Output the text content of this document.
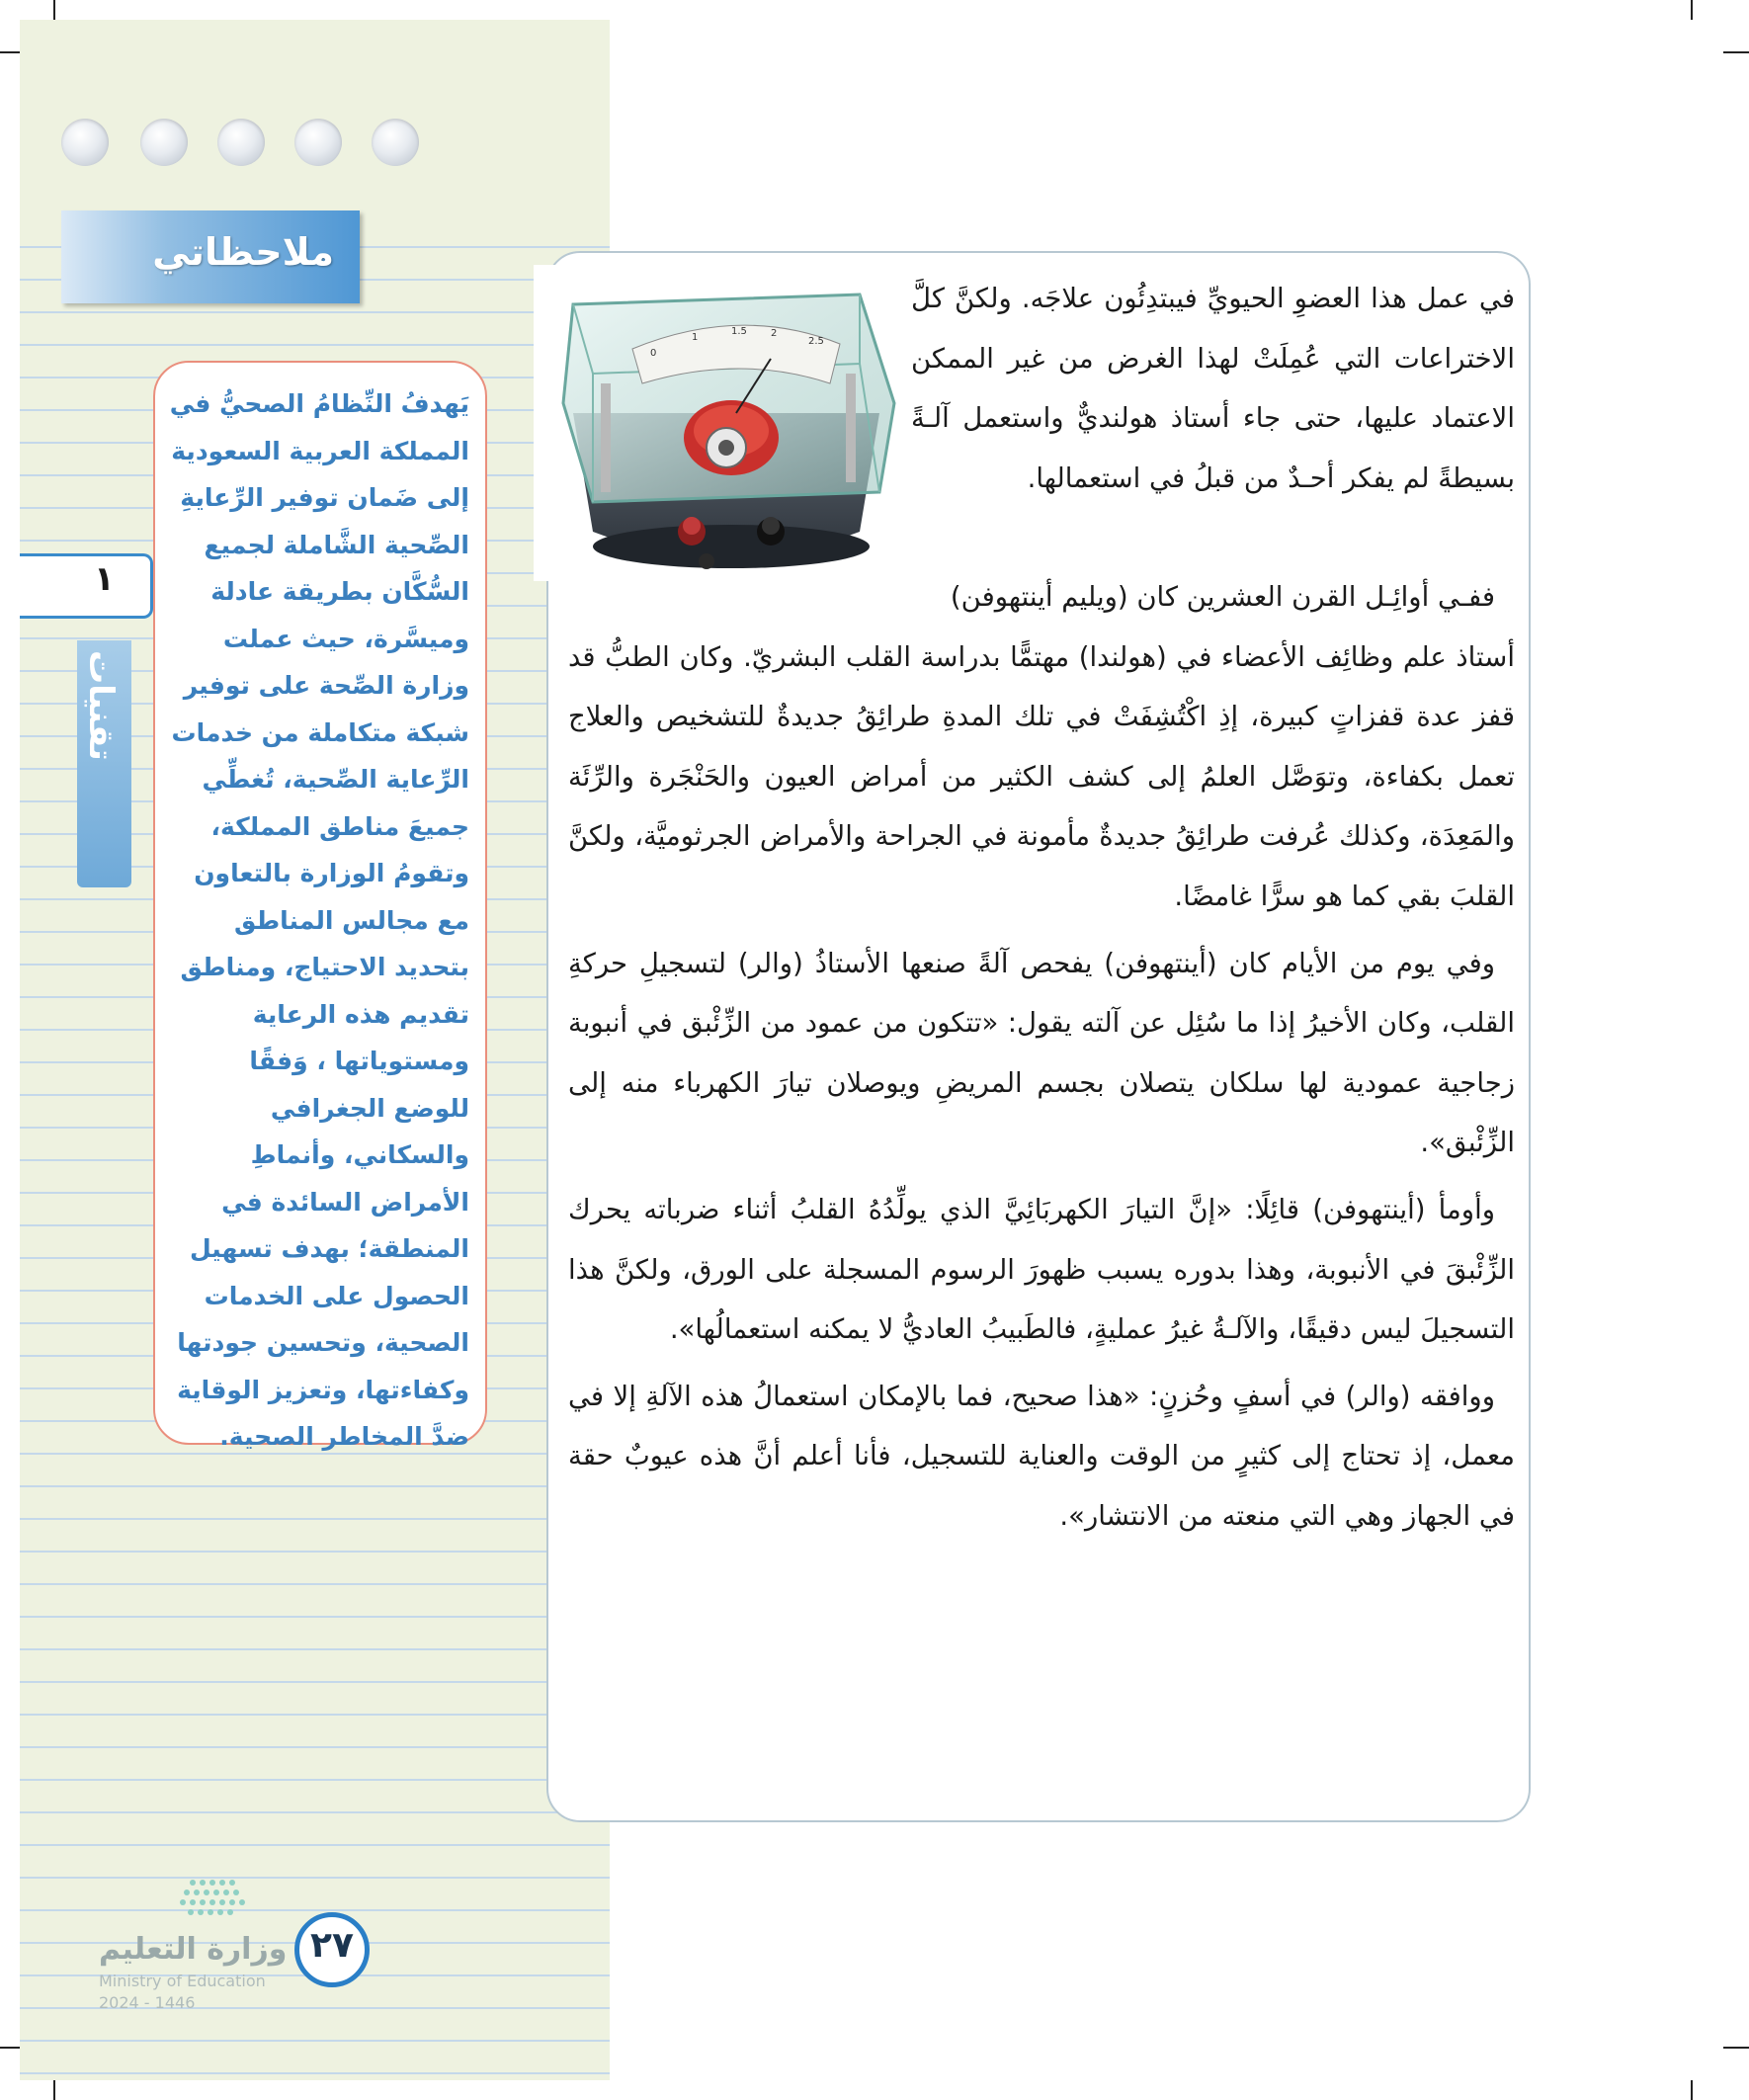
ملاحظاتي
١
تقنيات

يَهدفُ النِّظامُ الصحيُّ في المملكة العربية السعودية إلى ضَمان توفير الرِّعايةِ الصِّحية الشَّاملة لجميع السُّكَّان بطريقة عادلة وميسَّرة، حيث عملت وزارة الصِّحة على توفير شبكة متكاملة من خدمات الرِّعاية الصِّحية، تُغطِّي جميعَ مناطق المملكة، وتقومُ الوزارة بالتعاون مع مجالس المناطق بتحديد الاحتياج، ومناطق تقديم هذه الرعاية ومستوياتها ، وَفقًا للوضع الجغرافي والسكاني، وأنماطِ الأمراض السائدة في المنطقة؛ بهدف تسهيل الحصول على الخدمات الصحية، وتحسين جودتها وكفاءتها، وتعزيز الوقاية ضدَّ المخاطر الصحية.

وزارة التعليم
Ministry of Education
2024 - 1446
٢٧
0
1
1.5 2
2.5

في عمل هذا العضوِ الحيويِّ فيبتدِئُون علاجَه. ولكنَّ كلَّ الاختراعات التي عُمِلَتْ لهذا الغرض من غير الممكن الاعتماد عليها، حتى جاء أستاذ هولنديٌّ واستعمل آلـةً بسيطةً لم يفكر أحـدٌ من قبلُ في استعمالها.

ففـي أوائِـل القرن العشرين كان (ويليم أينتهوفن)
أستاذ علم وظائِف الأعضاء في (هولندا) مهتمًّا بدراسة القلب البشريّ. وكان الطبُّ قد قفز عدة قفزاتٍ كبيرة، إذِ اكْتُشِفَتْ في تلك المدةِ طرائِقُ جديدةٌ للتشخيص والعلاج تعمل بكفاءة، وتوَصَّل العلمُ إلى كشف الكثير من أمراض العيون والحَنْجَرة والرِّئَة والمَعِدَة، وكذلك عُرفت طرائِقُ جديدةٌ مأمونة في الجراحة والأمراض الجرثوميَّة، ولكنَّ القلبَ بقي كما هو سرًّا غامضًا.

وفي يوم من الأيام كان (أينتهوفن) يفحص آلةً صنعها الأستاذُ (والر) لتسجيلِ حركةِ القلب، وكان الأخيرُ إذا ما سُئِل عن آلته يقول: «تتكون من عمود من الزِّئْبق في أنبوبة زجاجية عمودية لها سلكان يتصلان بجسم المريضِ ويوصلان تيارَ الكهرباء منه إلى الزِّئْبق».

وأومأ (أينتهوفن) قائِلًا: «إنَّ التيارَ الكهربَائِيَّ الذي يولِّدُهُ القلبُ أثناء ضرباته يحرك الزِّئْبقَ في الأنبوبة، وهذا بدوره يسبب ظهورَ الرسوم المسجلة على الورق، ولكنَّ هذا التسجيلَ ليس دقيقًا، والآلـةُ غيرُ عمليةٍ، فالطَبيبُ العاديُّ لا يمكنه استعمالُها».

ووافقه (والر) في أسفٍ وحُزنٍ: «هذا صحيح، فما بالإمكان استعمالُ هذه الآلةِ إلا في معمل، إذ تحتاج إلى كثيرٍ من الوقت والعناية للتسجيل، فأنا أعلم أنَّ هذه عيوبٌ حقة في الجهاز وهي التي منعته من الانتشار».
